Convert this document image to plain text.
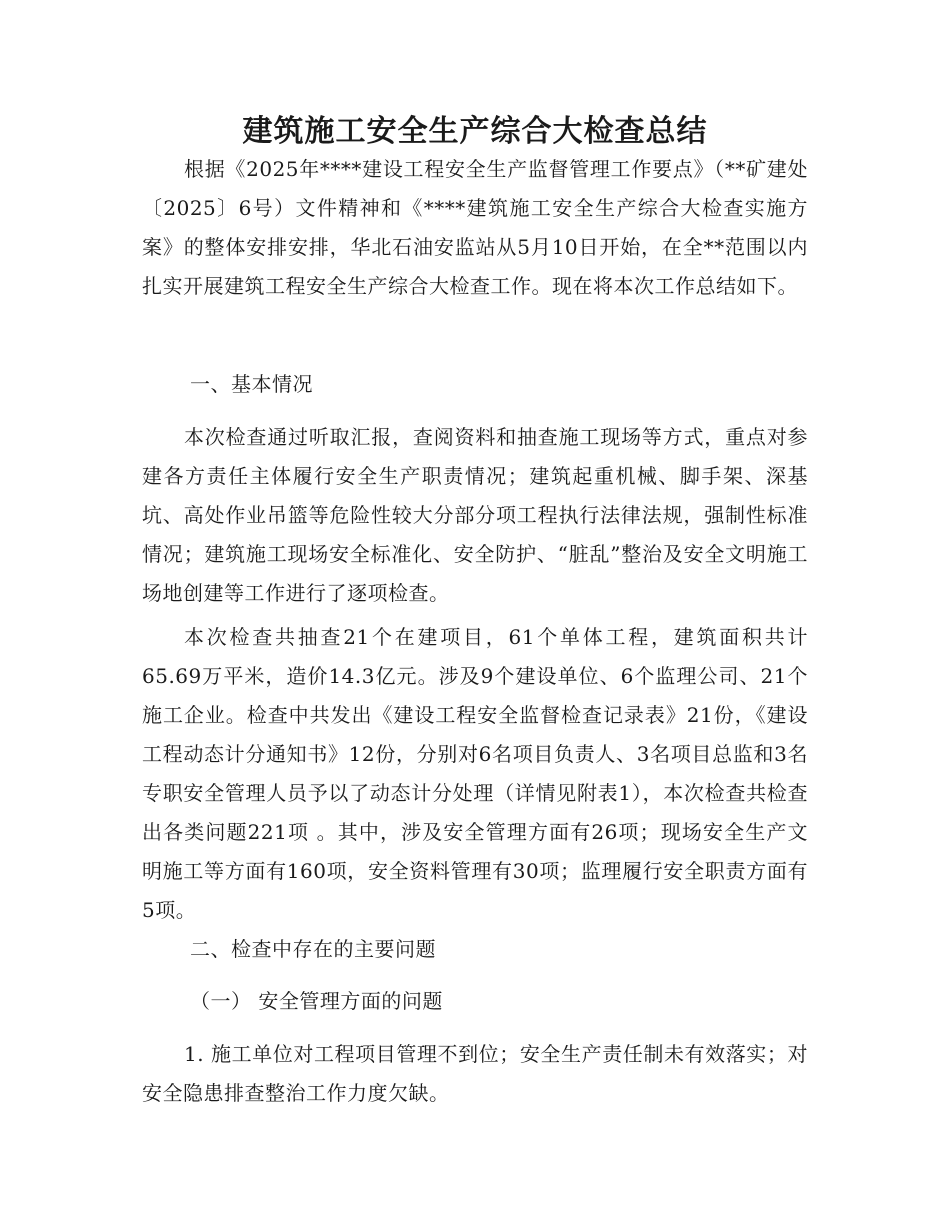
建筑施工安全生产综合大检查总结

根据《2025年****建设工程安全生产监督管理工作要点》（**矿建处〔2025〕6号）文件精神和《****建筑施工安全生产综合大检查实施方案》的整体安排安排，华北石油安监站从5月10日开始，在全**范围以内扎实开展建筑工程安全生产综合大检查工作。现在将本次工作总结如下。

一、基本情况

本次检查通过听取汇报，查阅资料和抽查施工现场等方式，重点对参建各方责任主体履行安全生产职责情况；建筑起重机械、脚手架、深基坑、高处作业吊篮等危险性较大分部分项工程执行法律法规，强制性标准情况；建筑施工现场安全标准化、安全防护、“脏乱”整治及安全文明施工场地创建等工作进行了逐项检查。

本次检查共抽查21个在建项目，61个单体工程，建筑面积共计65.69万平米，造价14.3亿元。涉及9个建设单位、6个监理公司、21个施工企业。检查中共发出《建设工程安全监督检查记录表》21份，《建设工程动态计分通知书》12份，分别对6名项目负责人、3名项目总监和3名专职安全管理人员予以了动态计分处理（详情见附表1），本次检查共检查出各类问题221项 。其中，涉及安全管理方面有26项；现场安全生产文明施工等方面有160项，安全资料管理有30项；监理履行安全职责方面有5项。

二、检查中存在的主要问题

（一） 安全管理方面的问题

1. 施工单位对工程项目管理不到位；安全生产责任制未有效落实；对安全隐患排查整治工作力度欠缺。
